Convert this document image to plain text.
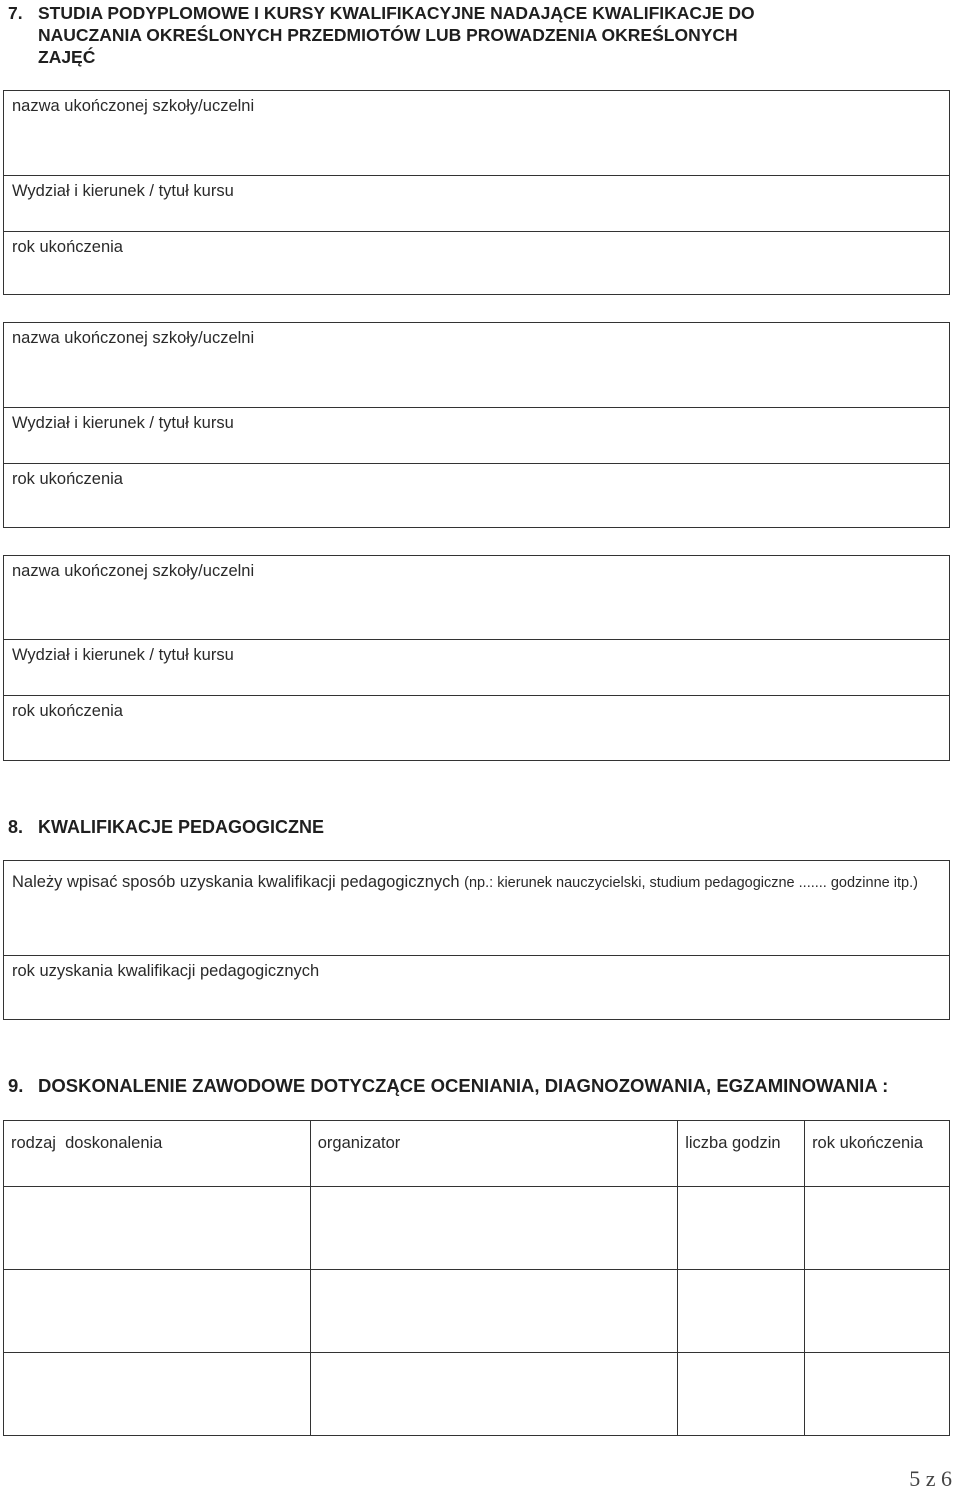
7. STUDIA PODYPLOMOWE I KURSY KWALIFIKACYJNE NADAJĄCE KWALIFIKACJE DO
NAUCZANIA OKREŚLONYCH PRZEDMIOTÓW LUB PROWADZENIA OKREŚLONYCH
ZAJĘĆ
nazwa ukończonej szkoły/uczelni
Wydział i kierunek / tytuł kursu
rok ukończenia
nazwa ukończonej szkoły/uczelni
Wydział i kierunek / tytuł kursu
rok ukończenia
nazwa ukończonej szkoły/uczelni
Wydział i kierunek / tytuł kursu
rok ukończenia
8. KWALIFIKACJE PEDAGOGICZNE
Należy wpisać sposób uzyskania kwalifikacji pedagogicznych (np.: kierunek nauczycielski, studium pedagogiczne ....... godzinne itp.)
rok uzyskania kwalifikacji pedagogicznych
9. DOSKONALENIE ZAWODOWE DOTYCZĄCE OCENIANIA, DIAGNOZOWANIA, EGZAMINOWANIA :
rodzaj  doskonalenia	organizator	liczba godzin	rok ukończenia

5 z 6
